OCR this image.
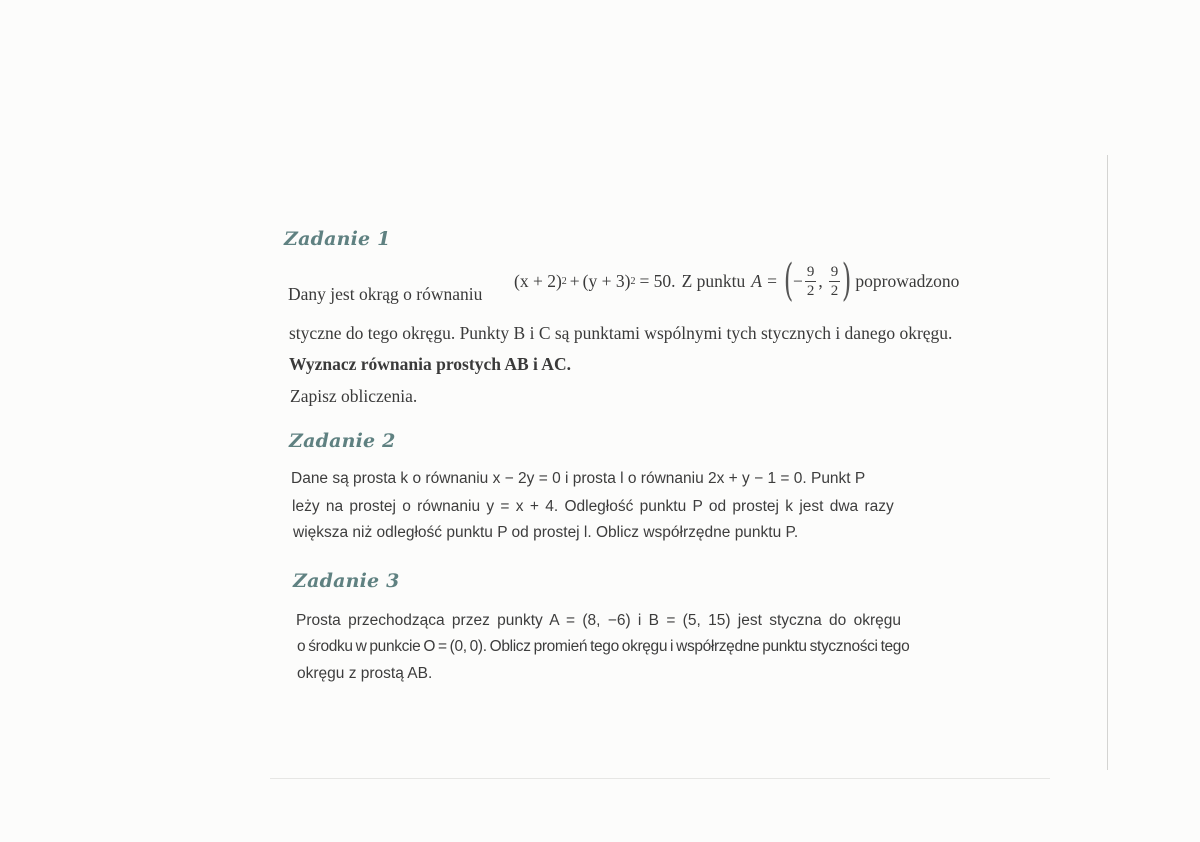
Zadanie 1
Dany jest okrąg o równaniu
(x + 2) 2 + (y + 3) 2 = 50. Z punktu A = ( − $\frac{9}{2}$ , $\frac{9}{2}$ ) poprowadzono
styczne do tego okręgu. Punkty B i C są punktami wspólnymi tych stycznych i danego okręgu.
Wyznacz równania prostych AB i AC.
Zapisz obliczenia.
Zadanie 2
Dane są prosta k o równaniu x − 2y = 0 i prosta l o równaniu 2x + y − 1 = 0. Punkt P
leży na prostej o równaniu y = x + 4. Odległość punktu P od prostej k jest dwa razy
większa niż odległość punktu P od prostej l. Oblicz współrzędne punktu P.
Zadanie 3
Prosta przechodząca przez punkty A = (8, −6) i B = (5, 15) jest styczna do okręgu
o środku w punkcie O = (0, 0). Oblicz promień tego okręgu i współrzędne punktu styczności tego
okręgu z prostą AB.
